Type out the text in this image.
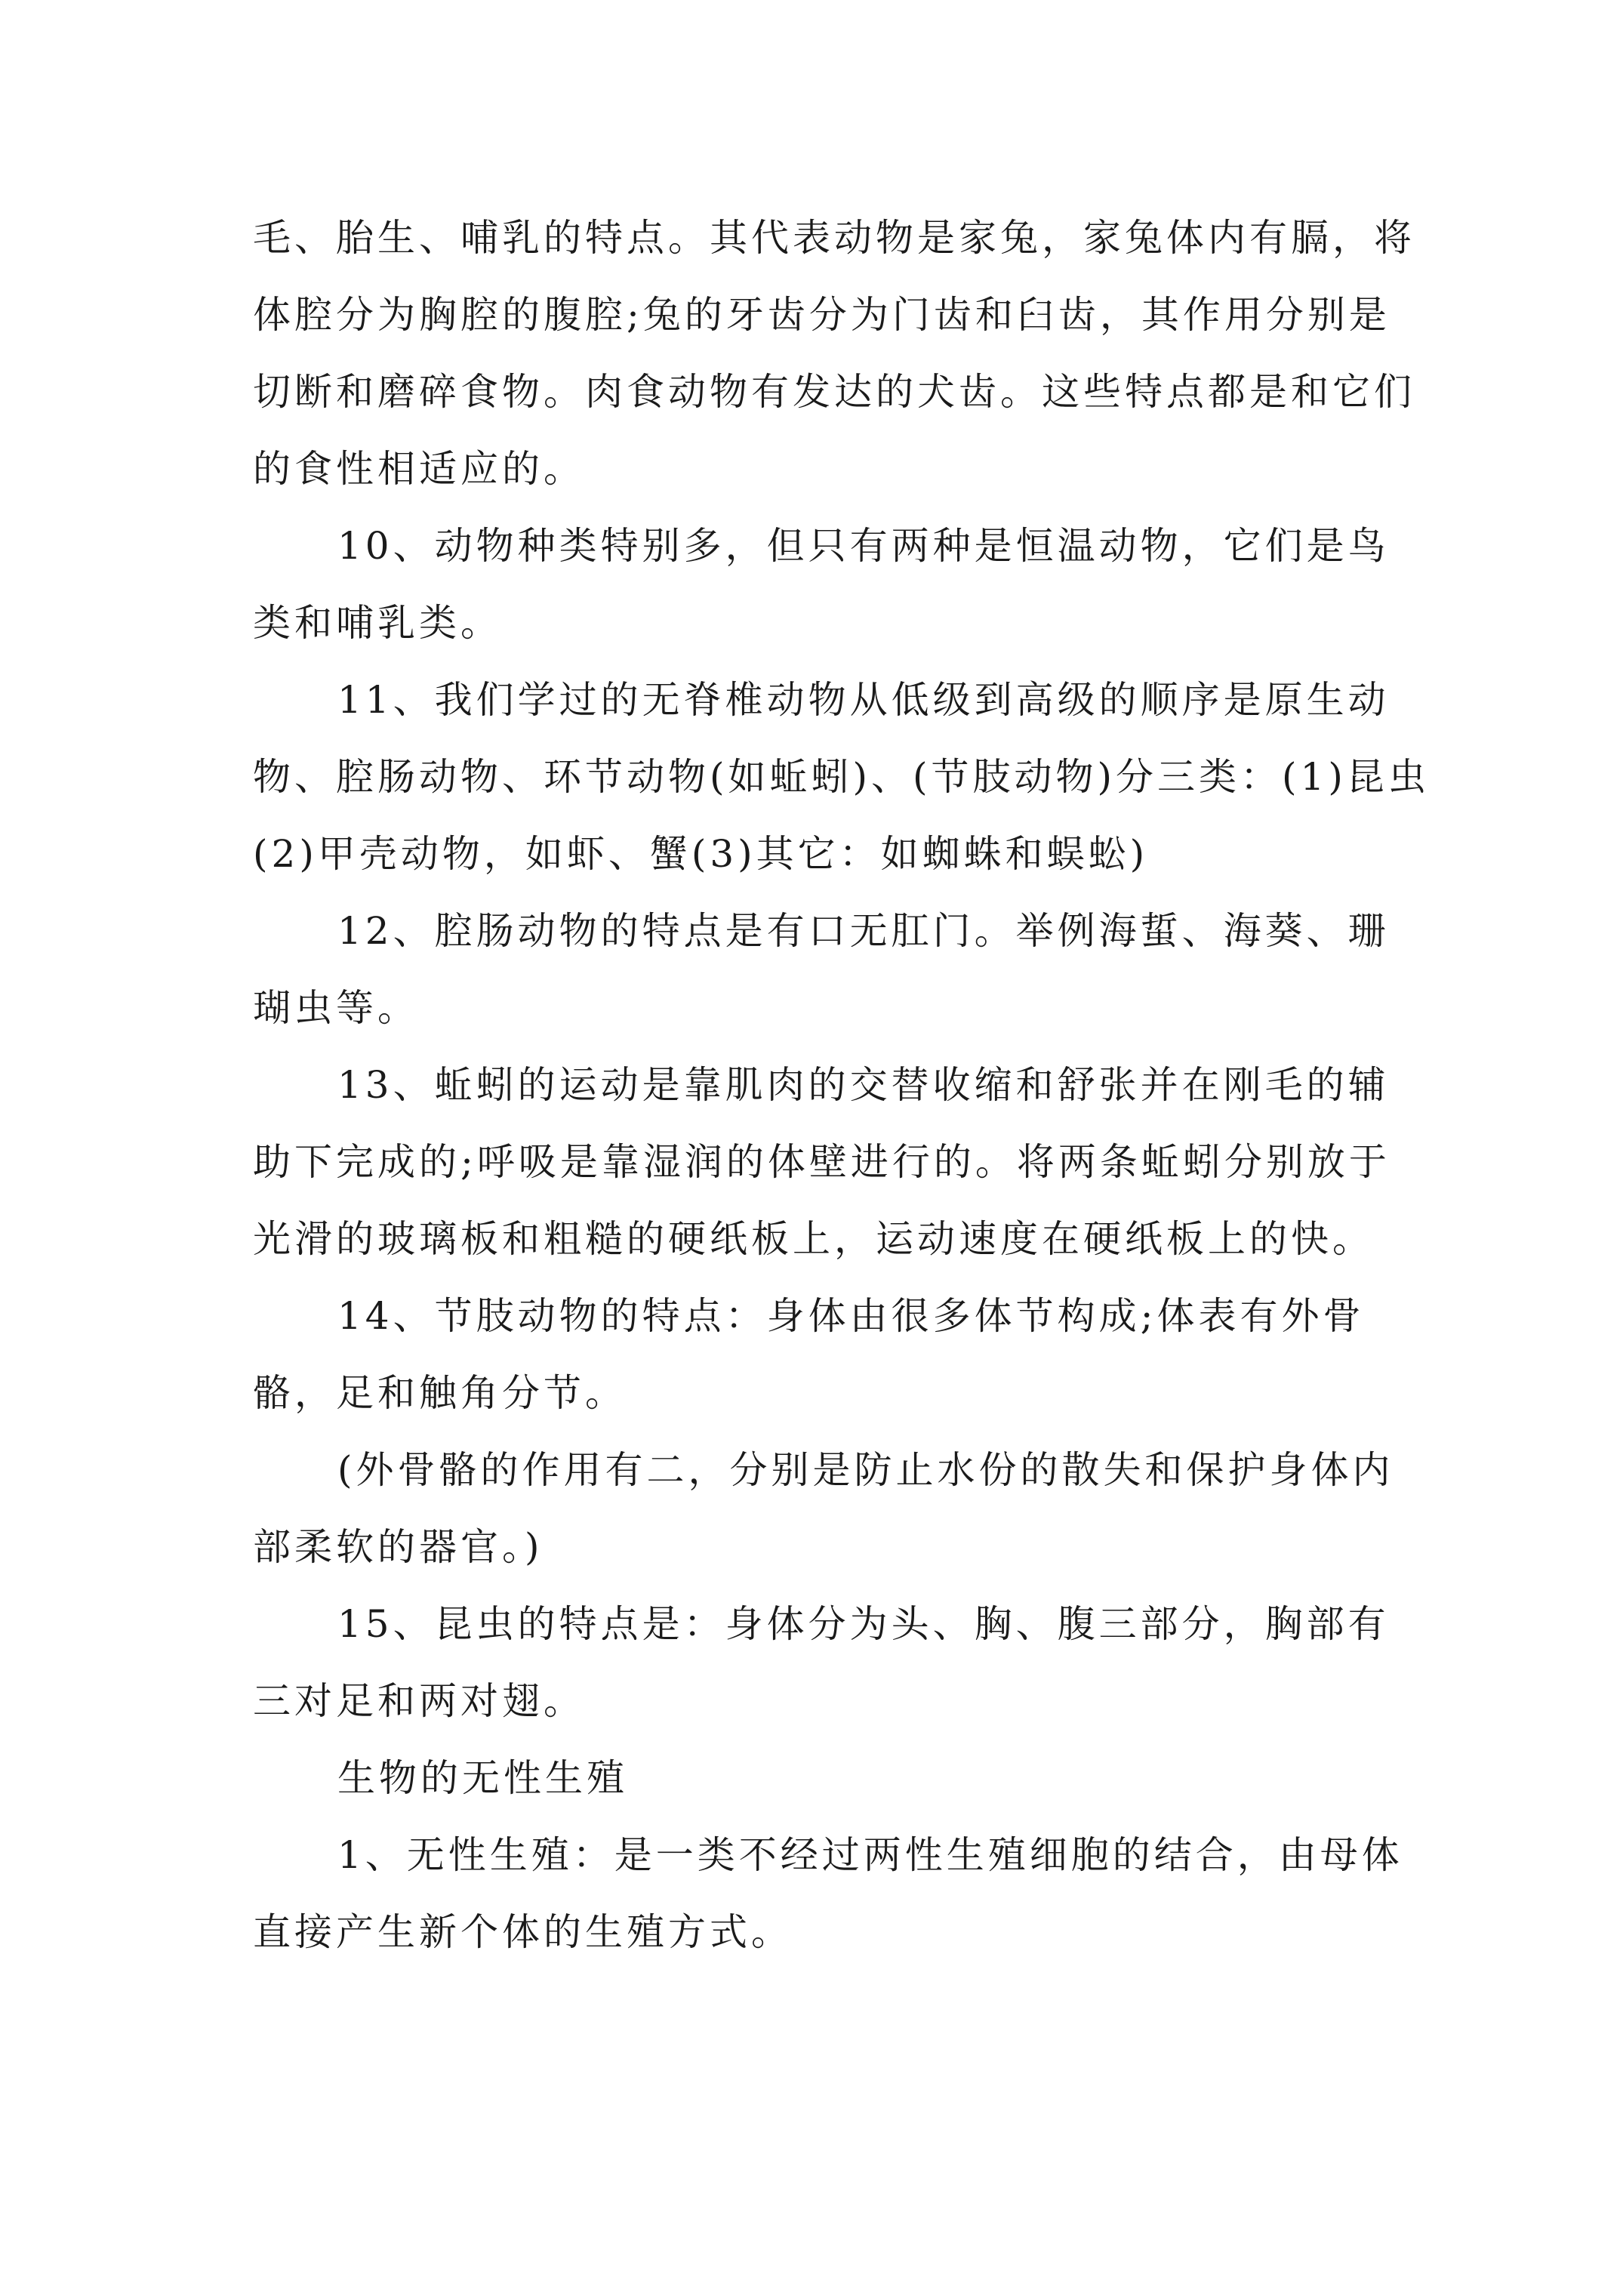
毛、胎生、哺乳的特点。其代表动物是家兔，家兔体内有膈，将体腔分为胸腔的腹腔;兔的牙齿分为门齿和臼齿，其作用分别是切断和磨碎食物。肉食动物有发达的犬齿。这些特点都是和它们的食性相适应的。

10、动物种类特别多，但只有两种是恒温动物，它们是鸟类和哺乳类。

11、我们学过的无脊椎动物从低级到高级的顺序是原生动物、腔肠动物、环节动物(如蚯蚓)、(节肢动物)分三类：(1)昆虫(2)甲壳动物，如虾、蟹(3)其它：如蜘蛛和蜈蚣)

12、腔肠动物的特点是有口无肛门。举例海蜇、海葵、珊瑚虫等。

13、蚯蚓的运动是靠肌肉的交替收缩和舒张并在刚毛的辅助下完成的;呼吸是靠湿润的体壁进行的。将两条蚯蚓分别放于光滑的玻璃板和粗糙的硬纸板上，运动速度在硬纸板上的快。

14、节肢动物的特点：身体由很多体节构成;体表有外骨骼，足和触角分节。

(外骨骼的作用有二，分别是防止水份的散失和保护身体内部柔软的器官。)

15、昆虫的特点是：身体分为头、胸、腹三部分，胸部有三对足和两对翅。

生物的无性生殖

1、无性生殖：是一类不经过两性生殖细胞的结合，由母体直接产生新个体的生殖方式。
